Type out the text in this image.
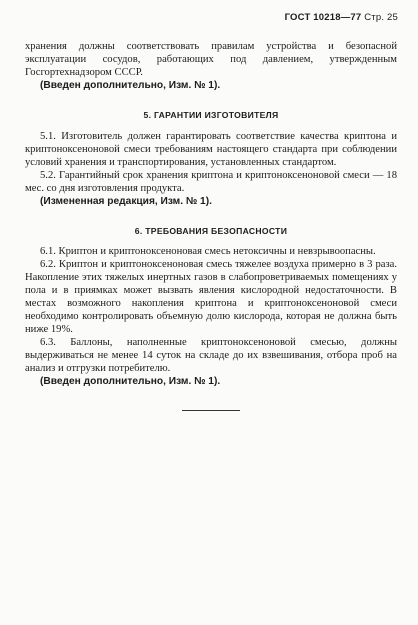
ГОСТ 10218—77 Стр. 25

хранения должны соответствовать правилам устройства и безопасной эксплуатации сосудов, работающих под давлением, утвержденным Госгортехнадзором СССР.

(Введен дополнительно, Изм. № 1).

5. ГАРАНТИИ ИЗГОТОВИТЕЛЯ

5.1. Изготовитель должен гарантировать соответствие качества криптона и криптоноксеноновой смеси требованиям настоящего стандарта при соблюдении условий хранения и транспортирования, установленных стандартом.

5.2. Гарантийный срок хранения криптона и криптоноксеноновой смеси — 18 мес. со дня изготовления продукта.

(Измененная редакция, Изм. № 1).

6. ТРЕБОВАНИЯ БЕЗОПАСНОСТИ

6.1. Криптон и криптоноксеноновая смесь нетоксичны и невзрывоопасны.

6.2. Криптон и криптоноксеноновая смесь тяжелее воздуха примерно в 3 раза. Накопление этих тяжелых инертных газов в слабопроветриваемых помещениях у пола и в приямках может вызвать явления кислородной недостаточности. В местах возможного накопления криптона и криптоноксеноновой смеси необходимо контролировать объемную долю кислорода, которая не должна быть ниже 19%.

6.3. Баллоны, наполненные криптоноксеноновой смесью, должны выдерживаться не менее 14 суток на складе до их взвешивания, отбора проб на анализ и отгрузки потребителю.

(Введен дополнительно, Изм. № 1).
